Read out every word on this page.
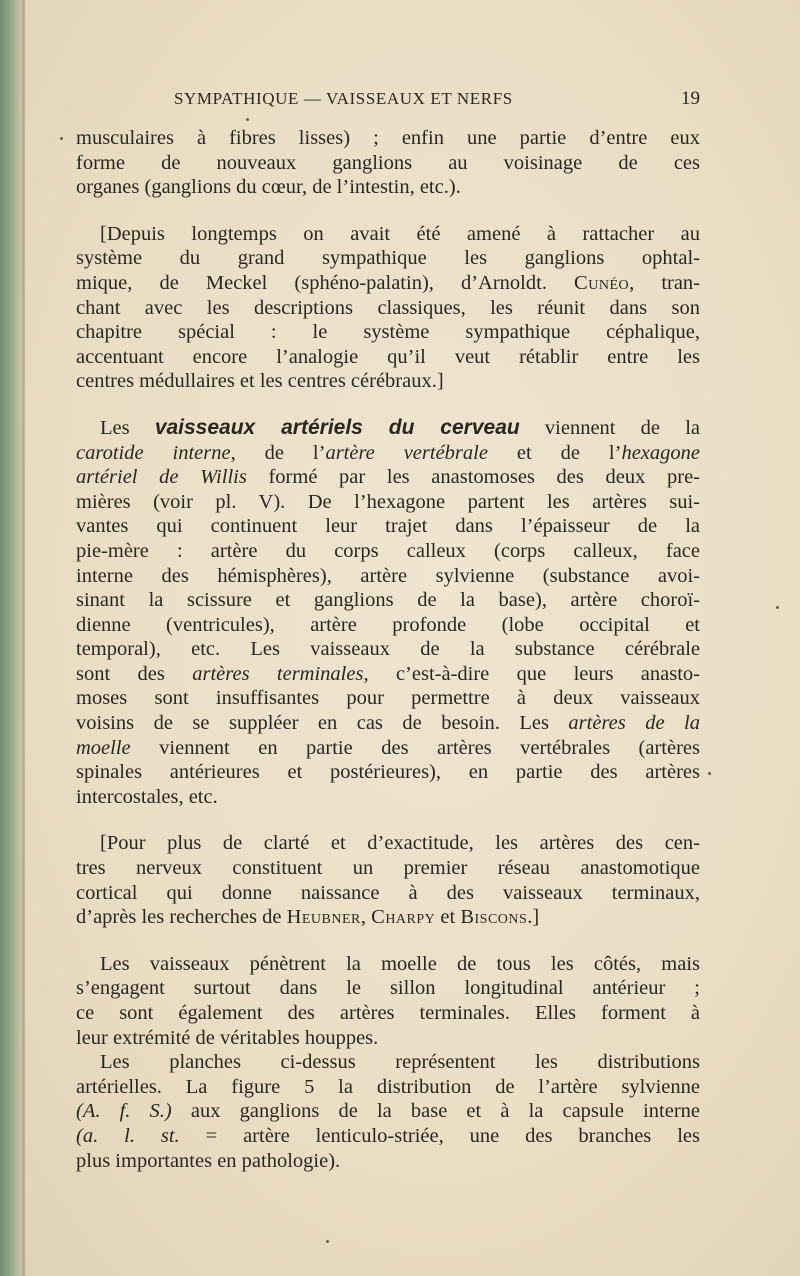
SYMPATHIQUE — VAISSEAUX ET NERFS	19

musculaires à fibres lisses) ; enfin une partie d’entre eux
forme de nouveaux ganglions au voisinage de ces
organes (ganglions du cœur, de l’intestin, etc.).

[Depuis longtemps on avait été amené à rattacher au
système du grand sympathique les ganglions ophtal-
mique, de Meckel (sphéno-palatin), d’Arnoldt. Cunéo, tran-
chant avec les descriptions classiques, les réunit dans son
chapitre spécial : le système sympathique céphalique,
accentuant encore l’analogie qu’il veut rétablir entre les
centres médullaires et les centres cérébraux.]

Les vaisseaux artériels du cerveau viennent de la
carotide interne, de l’artère vertébrale et de l’hexagone
artériel de Willis formé par les anastomoses des deux pre-
mières (voir pl. V). De l’hexagone partent les artères sui-
vantes qui continuent leur trajet dans l’épaisseur de la
pie-mère : artère du corps calleux (corps calleux, face
interne des hémisphères), artère sylvienne (substance avoi-
sinant la scissure et ganglions de la base), artère choroï-
dienne (ventricules), artère profonde (lobe occipital et
temporal), etc. Les vaisseaux de la substance cérébrale
sont des artères terminales, c’est-à-dire que leurs anasto-
moses sont insuffisantes pour permettre à deux vaisseaux
voisins de se suppléer en cas de besoin. Les artères de la
moelle viennent en partie des artères vertébrales (artères
spinales antérieures et postérieures), en partie des artères
intercostales, etc.

[Pour plus de clarté et d’exactitude, les artères des cen-
tres nerveux constituent un premier réseau anastomotique
cortical qui donne naissance à des vaisseaux terminaux,
d’après les recherches de Heubner, Charpy et Biscons.]

Les vaisseaux pénètrent la moelle de tous les côtés, mais
s’engagent surtout dans le sillon longitudinal antérieur ;
ce sont également des artères terminales. Elles forment à
leur extrémité de véritables houppes.

Les planches ci-dessus représentent les distributions
artérielles. La figure 5 la distribution de l’artère sylvienne
(A. f. S.) aux ganglions de la base et à la capsule interne
(a. l. st. = artère lenticulo-striée, une des branches les
plus importantes en pathologie).
